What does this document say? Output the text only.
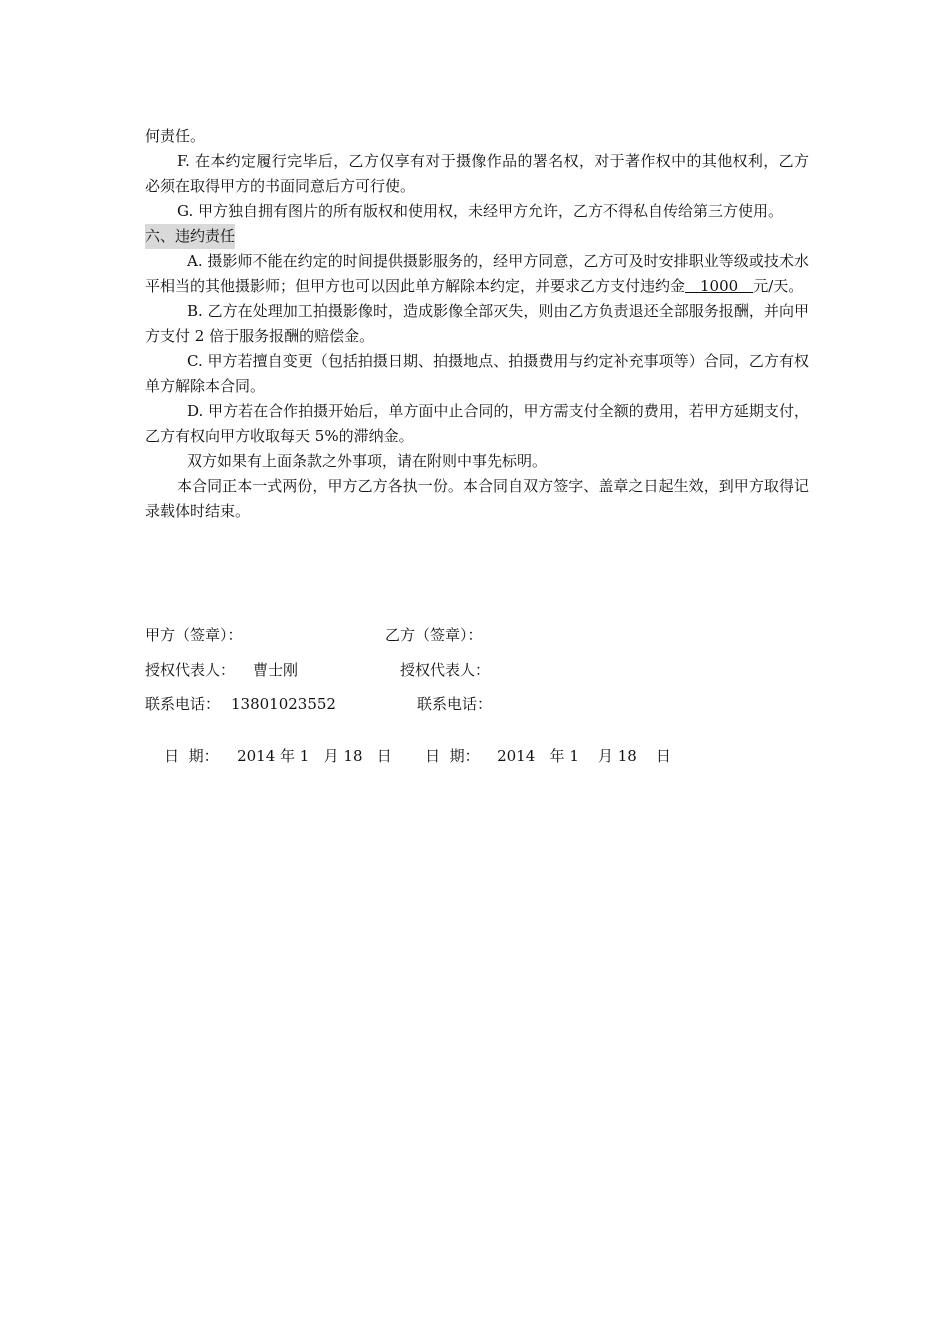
何责任。

F. 在本约定履行完毕后，乙方仅享有对于摄像作品的署名权，对于著作权中的其他权利，乙方必须在取得甲方的书面同意后方可行使。

G. 甲方独自拥有图片的所有版权和使用权，未经甲方允许，乙方不得私自传给第三方使用。

六、违约责任

A. 摄影师不能在约定的时间提供摄影服务的，经甲方同意，乙方可及时安排职业等级或技术水平相当的其他摄影师；但甲方也可以因此单方解除本约定，并要求乙方支付违约金　1000　元/天。

B. 乙方在处理加工拍摄影像时，造成影像全部灭失，则由乙方负责退还全部服务报酬，并向甲方支付 2 倍于服务报酬的赔偿金。

C. 甲方若擅自变更（包括拍摄日期、拍摄地点、拍摄费用与约定补充事项等）合同，乙方有权单方解除本合同。

D. 甲方若在合作拍摄开始后，单方面中止合同的，甲方需支付全额的费用，若甲方延期支付，乙方有权向甲方收取每天 5%的滞纳金。

双方如果有上面条款之外事项，请在附则中事先标明。

本合同正本一式两份，甲方乙方各执一份。本合同自双方签字、盖章之日起生效，到甲方取得记录载体时结束。

甲方（签章）：	乙方（签章）：
授权代表人： 曹士刚	授权代表人：
联系电话： 13801023552	联系电话：

日  期： 2014 年 1   月 18   日 日  期： 2014   年 1    月 18    日
